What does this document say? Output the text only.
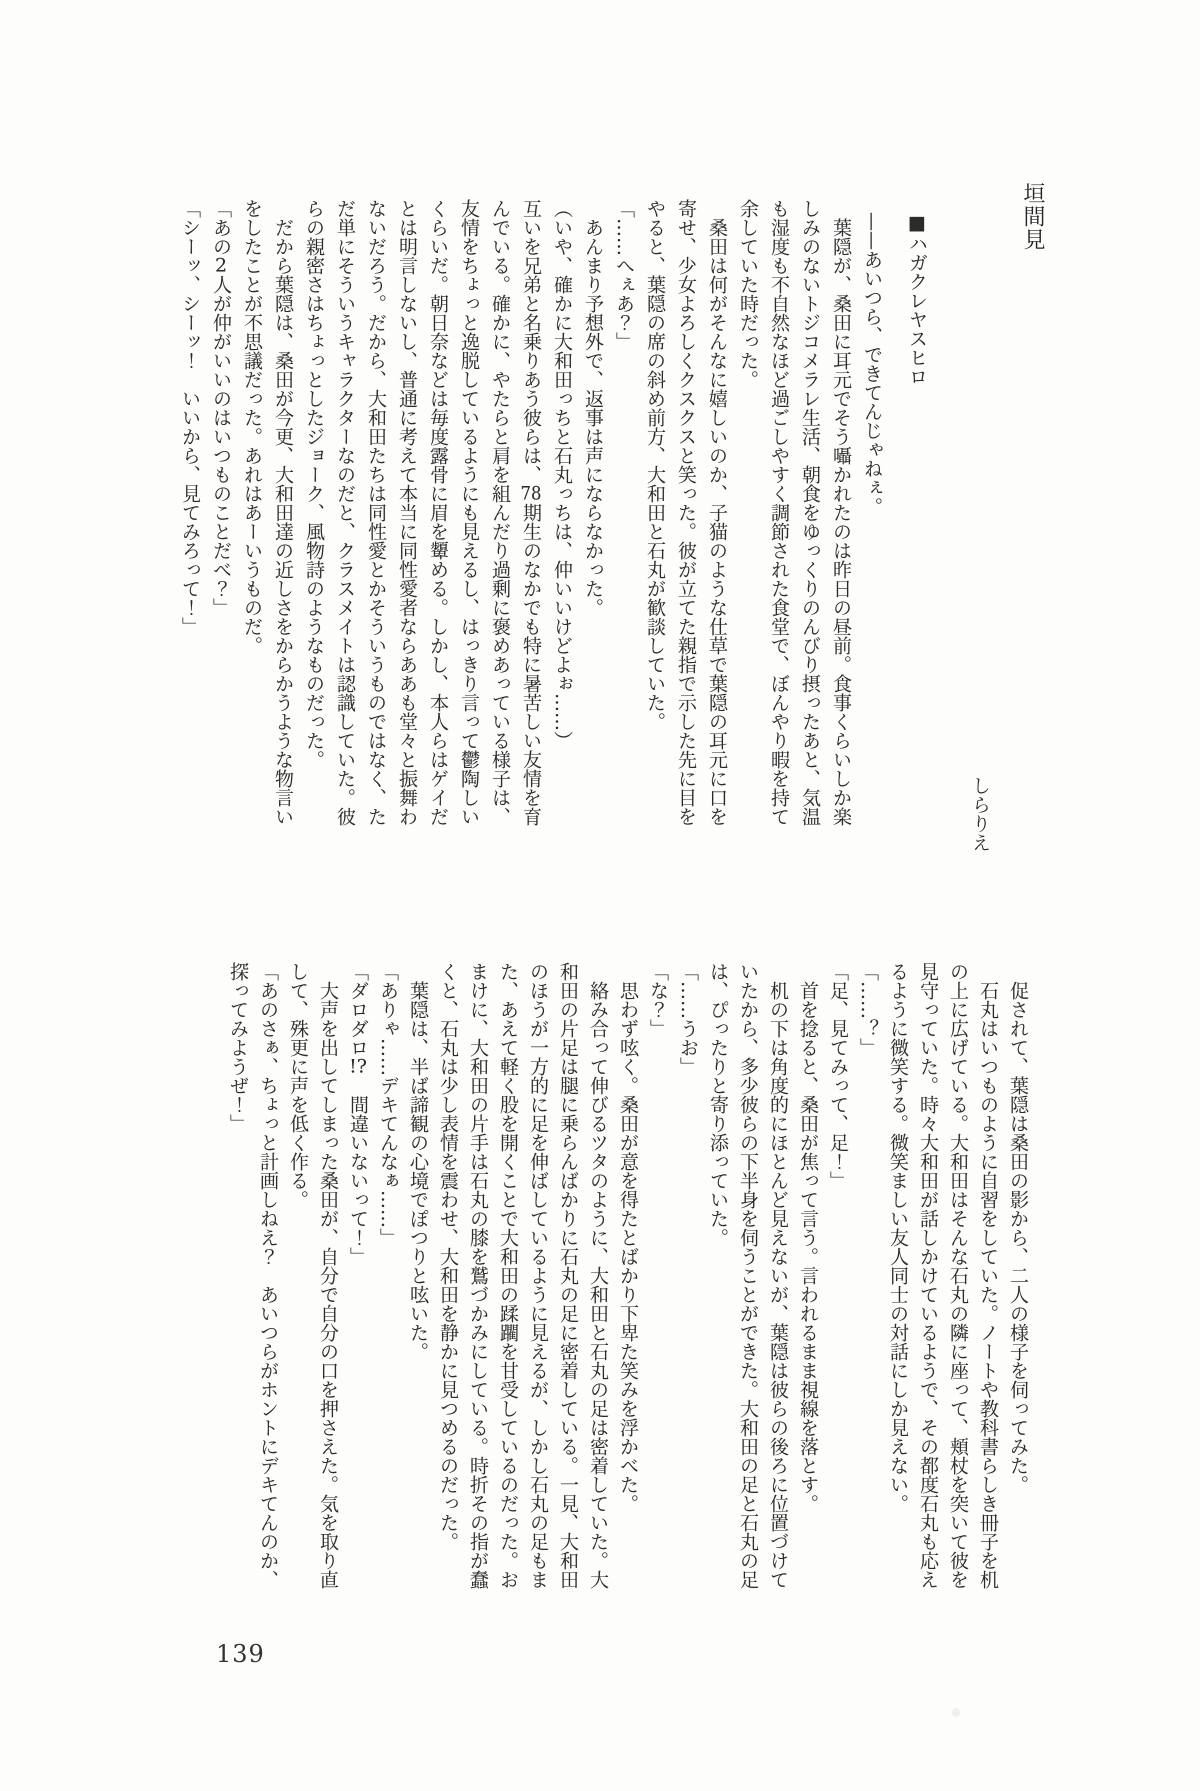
垣間見
しらりえ

■ハガクレヤスヒロ

——あいつら、できてんじゃねぇ。

葉隠が、桑田に耳元でそう囁かれたのは昨日の昼前。食事くらいしか楽しみのないトジコメラレ生活、朝食をゆっくりのんびり摂ったあと、気温も湿度も不自然なほど過ごしやすく調節された食堂で、ぼんやり暇を持て余していた時だった。

桑田は何がそんなに嬉しいのか、子猫のような仕草で葉隠の耳元に口を寄せ、少女よろしくクスクスと笑った。彼が立てた親指で示した先に目をやると、葉隠の席の斜め前方、大和田と石丸が歓談していた。

「……へぇあ？」

あんまり予想外で、返事は声にならなかった。

（いや、確かに大和田っちと石丸っちは、仲いいけどよぉ……）

互いを兄弟と名乗りあう彼らは、78期生のなかでも特に暑苦しい友情を育んでいる。確かに、やたらと肩を組んだり過剰に褒めあっている様子は、友情をちょっと逸脱しているようにも見えるし、はっきり言って鬱陶しいくらいだ。朝日奈などは毎度露骨に眉を顰める。しかし、本人らはゲイだとは明言しないし、普通に考えて本当に同性愛者ならああも堂々と振舞わないだろう。だから、大和田たちは同性愛とかそういうものではなく、ただ単にそういうキャラクターなのだと、クラスメイトは認識していた。彼らの親密さはちょっとしたジョーク、風物詩のようなものだった。

だから葉隠は、桑田が今更、大和田達の近しさをからかうような物言いをしたことが不思議だった。あれはあーいうものだ。

「あの2人が仲がいいのはいつものことだべ？」

「シーッ、シーッ！　いいから、見てみろって！」

促されて、葉隠は桑田の影から、二人の様子を伺ってみた。

石丸はいつものように自習をしていた。ノートや教科書らしき冊子を机の上に広げている。大和田はそんな石丸の隣に座って、頬杖を突いて彼を見守っていた。時々大和田が話しかけているようで、その都度石丸も応えるように微笑する。微笑ましい友人同士の対話にしか見えない。

「……？」

「足、見てみって、足！」

首を捻ると、桑田が焦って言う。言われるまま視線を落とす。

机の下は角度的にほとんど見えないが、葉隠は彼らの後ろに位置づけていたから、多少彼らの下半身を伺うことができた。大和田の足と石丸の足は、ぴったりと寄り添っていた。

「……うお」

「な？」

思わず呟く。桑田が意を得たとばかり下卑た笑みを浮かべた。

絡み合って伸びるツタのように、大和田と石丸の足は密着していた。大和田の片足は腿に乗らんばかりに石丸の足に密着している。一見、大和田のほうが一方的に足を伸ばしているように見えるが、しかし石丸の足もまた、あえて軽く股を開くことで大和田の蹂躙を甘受しているのだった。おまけに、大和田の片手は石丸の膝を鷲づかみにしている。時折その指が蠢くと、石丸は少し表情を震わせ、大和田を静かに見つめるのだった。

葉隠は、半ば諦観の心境でぽつりと呟いた。

「ありゃ……デキてんなぁ……」

「ダロダロ!?　間違いないって！」

大声を出してしまった桑田が、自分で自分の口を押さえた。気を取り直して、殊更に声を低く作る。

「あのさぁ、ちょっと計画しねえ？　あいつらがホントにデキてんのか、探ってみようぜ！」

139
